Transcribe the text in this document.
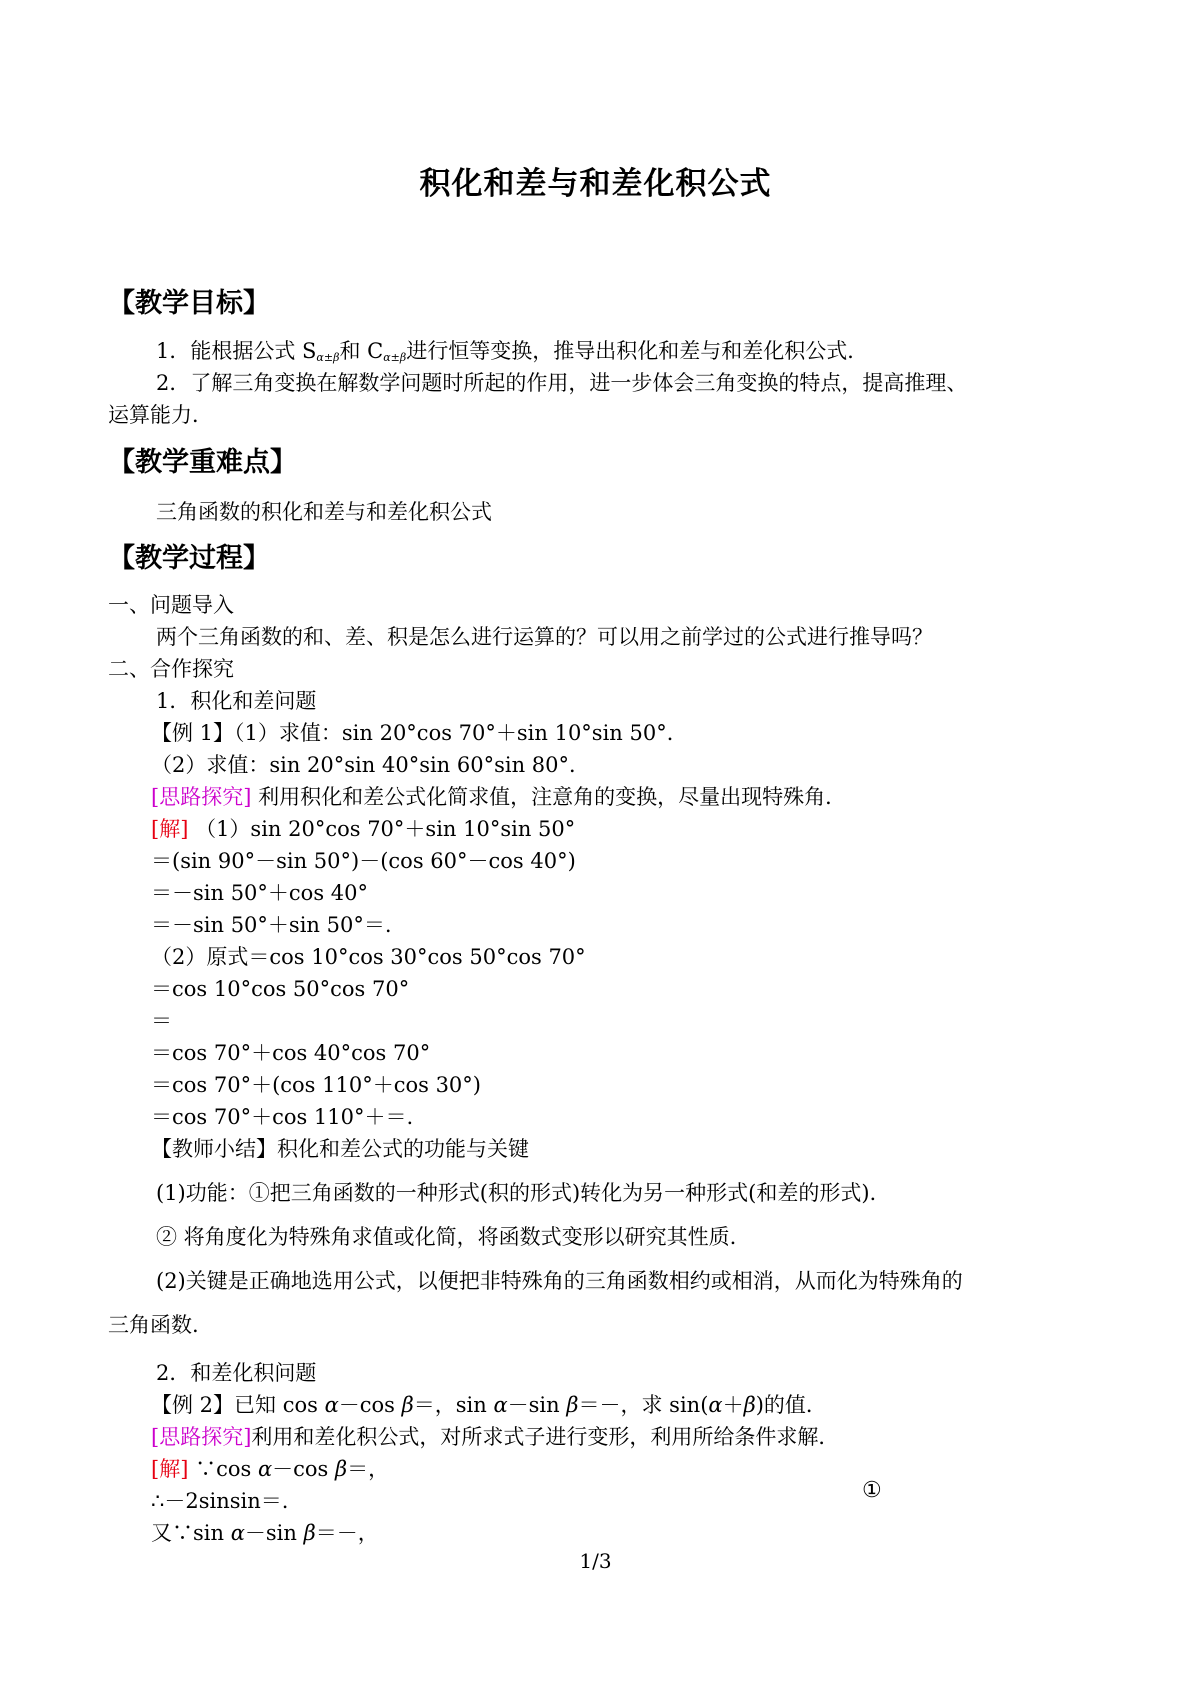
积化和差与和差化积公式
【教学目标】
1．能根据公式 $S_{\alpha\pm\beta}$和 $C_{\alpha\pm\beta}$进行恒等变换，推导出积化和差与和差化积公式．
2．了解三角变换在解数学问题时所起的作用，进一步体会三角变换的特点，提高推理、
运算能力．
【教学重难点】
三角函数的积化和差与和差化积公式
【教学过程】
一、问题导入
两个三角函数的和、差、积是怎么进行运算的？可以用之前学过的公式进行推导吗？
二、合作探究
1．积化和差问题
【例 1】（1）求值：sin 20°cos 70°＋sin 10°sin 50°．
（2）求值：sin 20°sin 40°sin 60°sin 80°．
[思路探究] 利用积化和差公式化简求值，注意角的变换，尽量出现特殊角．
[解] （1）sin 20°cos 70°＋sin 10°sin 50°
＝(sin 90°－sin 50°)－(cos 60°－cos 40°)
＝－sin 50°＋cos 40°
＝－sin 50°＋sin 50°＝.
（2）原式＝cos 10°cos 30°cos 50°cos 70°
＝cos 10°cos 50°cos 70°
＝
＝cos 70°＋cos 40°cos 70°
＝cos 70°＋(cos 110°＋cos 30°)
＝cos 70°＋cos 110°＋＝.
【教师小结】积化和差公式的功能与关键
(1)功能：①把三角函数的一种形式(积的形式)转化为另一种形式(和差的形式).
② 将角度化为特殊角求值或化简，将函数式变形以研究其性质.
(2)关键是正确地选用公式，以便把非特殊角的三角函数相约或相消，从而化为特殊角的
三角函数.
2．和差化积问题
【例 2】已知 cos α－cos β＝，sin α－sin β＝－，求 sin(α＋β)的值．
[思路探究]利用和差化积公式，对所求式子进行变形，利用所给条件求解．
[解] ∵cos α－cos β＝，
∴－2sinsin＝.	①
又∵sin α－sin β＝－，
1/3
